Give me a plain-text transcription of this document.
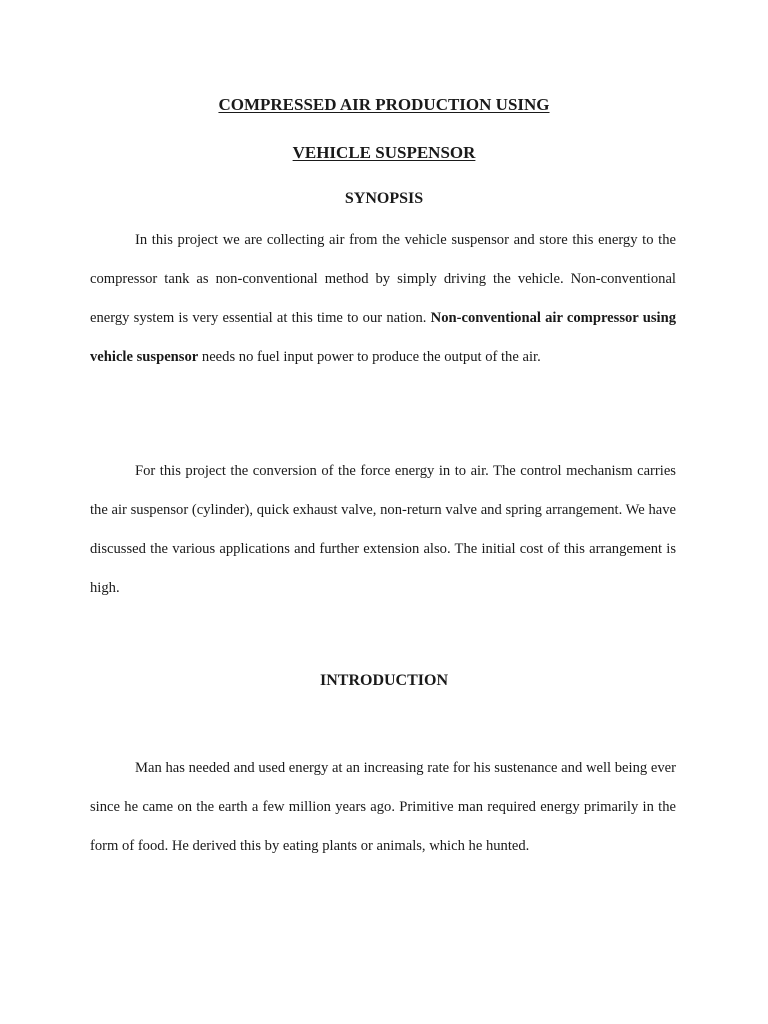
COMPRESSED AIR PRODUCTION USING
VEHICLE SUSPENSOR
SYNOPSIS

In this project we are collecting air from the vehicle suspensor and store this energy to the compressor tank as non-conventional method by simply driving the vehicle. Non-conventional energy system is very essential at this time to our nation. Non-conventional air compressor using vehicle suspensor needs no fuel input power to produce the output of the air.

For this project the conversion of the force energy in to air. The control mechanism carries the air suspensor (cylinder), quick exhaust valve, non-return valve and spring arrangement. We have discussed the various applications and further extension also. The initial cost of this arrangement is high.

INTRODUCTION

Man has needed and used energy at an increasing rate for his sustenance and well being ever since he came on the earth a few million years ago. Primitive man required energy primarily in the form of food. He derived this by eating plants or animals, which he hunted.
